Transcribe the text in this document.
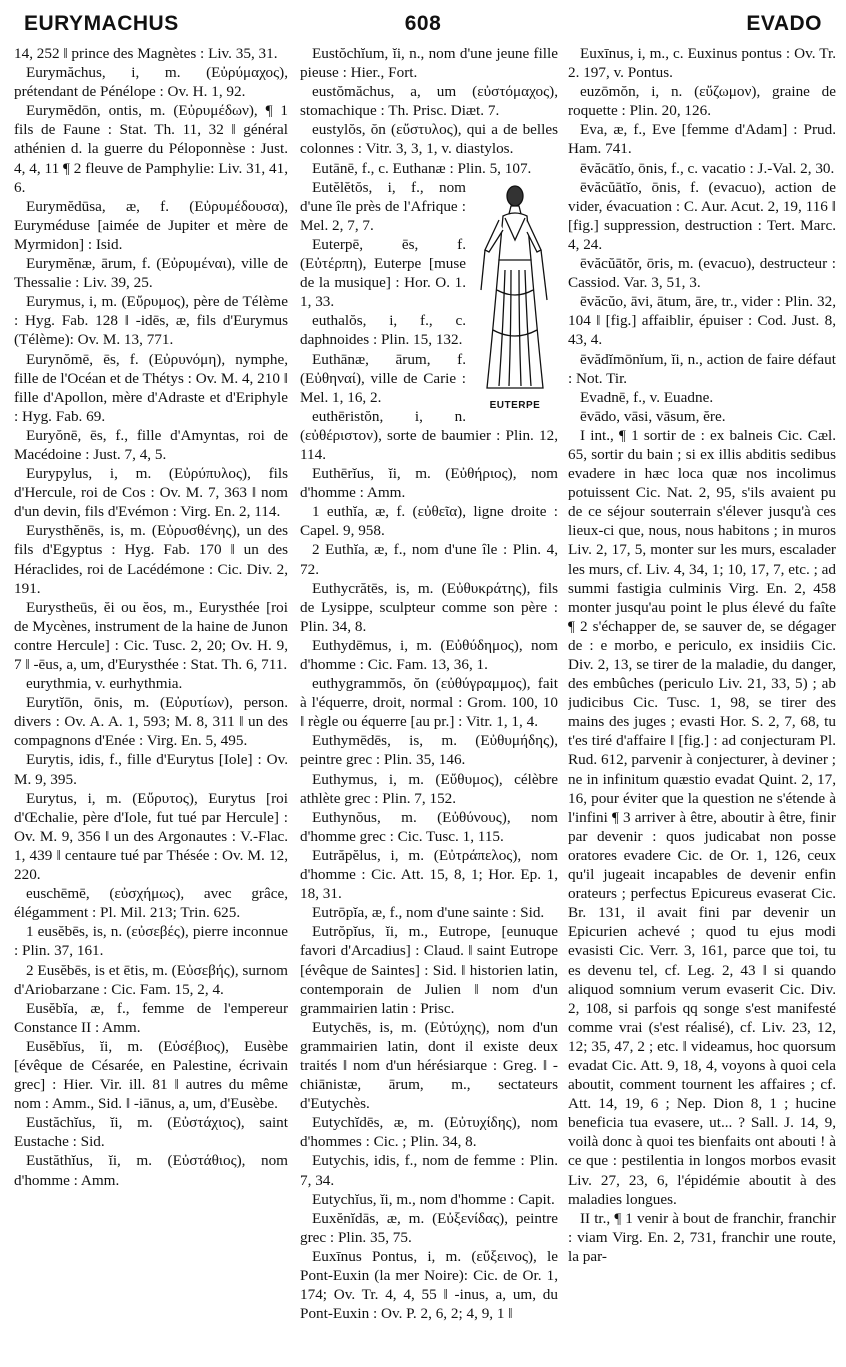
EURYMACHUS	608	EVADO

14, 252 ‖ prince des Magnètes : Liv. 35, 31.

Eurymăchus, i, m. (Εὐρύμαχος), prétendant de Pénélope : Ov. H. 1, 92.

Eurymĕdōn, ontis, m. (Εὐρυμέδων), ¶ 1 fils de Faune : Stat. Th. 11, 32 ‖ général athénien d. la guerre du Péloponnèse : Just. 4, 4, 11 ¶ 2 fleuve de Pamphylie: Liv. 31, 41, 6.

Eurymĕdūsa, æ, f. (Εὐρυμέδουσα), Euryméduse [aimée de Jupiter et mère de Myrmidon] : Isid.

Eurymĕnæ, ārum, f. (Εὐρυμέναι), ville de Thessalie : Liv. 39, 25.

Eurymus, i, m. (Εὔρυμος), père de Télème : Hyg. Fab. 128 ‖ -idēs, æ, fils d'Eurymus (Télème): Ov. M. 13, 771.

Eurynŏmē, ēs, f. (Εὐρυνόμη), nymphe, fille de l'Océan et de Thétys : Ov. M. 4, 210 ‖ fille d'Apollon, mère d'Adraste et d'Eriphyle : Hyg. Fab. 69.

Euryŏnē, ēs, f., fille d'Amyntas, roi de Macédoine : Just. 7, 4, 5.

Eurypylus, i, m. (Εὐρύπυλος), fils d'Hercule, roi de Cos : Ov. M. 7, 363 ‖ nom d'un devin, fils d'Evémon : Virg. En. 2, 114.

Eurysthĕnēs, is, m. (Εὐρυσθένης), un des fils d'Egyptus : Hyg. Fab. 170 ‖ un des Héraclides, roi de Lacédémone : Cic. Div. 2, 191.

Eurystheūs, ĕi ou ĕos, m., Eurysthée [roi de Mycènes, instrument de la haine de Junon contre Hercule] : Cic. Tusc. 2, 20; Ov. H. 9, 7 ‖ -ēus, a, um, d'Eurysthée : Stat. Th. 6, 711.

eurythmia, v. eurhythmia.

Eurytĭōn, ōnis, m. (Εὐρυτίων), person. divers : Ov. A. A. 1, 593; M. 8, 311 ‖ un des compagnons d'Enée : Virg. En. 5, 495.

Eurytis, idis, f., fille d'Eurytus [Iole] : Ov. M. 9, 395.

Eurytus, i, m. (Εὔρυτος), Eurytus [roi d'Œchalie, père d'Iole, fut tué par Hercule] : Ov. M. 9, 356 ‖ un des Argonautes : V.-Flac. 1, 439 ‖ centaure tué par Thésée : Ov. M. 12, 220.

euschēmē, (εὐσχήμως), avec grâce, élégamment : Pl. Mil. 213; Trin. 625.

1 eusĕbēs, is, n. (εὐσεβές), pierre inconnue : Plin. 37, 161.

2 Eusĕbēs, is et ētis, m. (Εὐσεβής), surnom d'Ariobarzane : Cic. Fam. 15, 2, 4.

Eusĕbĭa, æ, f., femme de l'empereur Constance II : Amm.

Eusĕbĭus, ĭi, m. (Εὐσέβιος), Eusèbe [évêque de Césarée, en Palestine, écrivain grec] : Hier. Vir. ill. 81 ‖ autres du même nom : Amm., Sid. ‖ -iānus, a, um, d'Eusèbe.

Eustăchĭus, ĭi, m. (Εὐστάχιος), saint Eustache : Sid.

Eustăthĭus, ĭi, m. (Εὐστάθιος), nom d'homme : Amm.

Eustŏchĭum, ĭi, n., nom d'une jeune fille pieuse : Hier., Fort.

eustŏmăchus, a, um (εὐστόμαχος), stomachique : Th. Prisc. Diæt. 7.

eustylŏs, ŏn (εὔστυλος), qui a de belles colonnes : Vitr. 3, 3, 1, v. diastylos.

Eutānē, f., c. Euthanæ : Plin. 5, 107.

EUTERPE

Eutĕlĕtŏs, i, f., nom d'une île près de l'Afrique : Mel. 2, 7, 7.

Euterpē, ēs, f. (Εὐτέρπη), Euterpe [muse de la musique] : Hor. O. 1. 1, 33.

euthalŏs, i, f., c. daphnoides : Plin. 15, 132.

Euthānæ, ārum, f. (Εὐθηναί), ville de Carie : Mel. 1, 16, 2.

euthēristŏn, i, n. (εὐθέριστον), sorte de baumier : Plin. 12, 114.

Euthērĭus, ĭi, m. (Εὐθήριος), nom d'homme : Amm.

1 euthĭa, æ, f. (εὐθεῖα), ligne droite : Capel. 9, 958.

2 Euthĭa, æ, f., nom d'une île : Plin. 4, 72.

Euthycrătēs, is, m. (Εὐθυκράτης), fils de Lysippe, sculpteur comme son père : Plin. 34, 8.

Euthydēmus, i, m. (Εὐθύδημος), nom d'homme : Cic. Fam. 13, 36, 1.

euthygrammŏs, ŏn (εὐθύγραμμος), fait à l'équerre, droit, normal : Grom. 100, 10 ‖ règle ou équerre [au pr.] : Vitr. 1, 1, 4.

Euthymēdēs, is, m. (Εὐθυμήδης), peintre grec : Plin. 35, 146.

Euthymus, i, m. (Εὔθυμος), célèbre athlète grec : Plin. 7, 152.

Euthynŏus, m. (Εὐθύνους), nom d'homme grec : Cic. Tusc. 1, 115.

Eutrăpĕlus, i, m. (Εὐτράπελος), nom d'homme : Cic. Att. 15, 8, 1; Hor. Ep. 1, 18, 31.

Eutrōpĭa, æ, f., nom d'une sainte : Sid.

Eutrŏpĭus, ĭi, m., Eutrope, [eunuque favori d'Arcadius] : Claud. ‖ saint Eutrope [évêque de Saintes] : Sid. ‖ historien latin, contemporain de Julien ‖ nom d'un grammairien latin : Prisc.

Eutychēs, is, m. (Εὐτύχης), nom d'un grammairien latin, dont il existe deux traités ‖ nom d'un hérésiarque : Greg. ‖ -chiānistæ, ārum, m., sectateurs d'Eutychès.

Eutychĭdēs, æ, m. (Εὐτυχίδης), nom d'hommes : Cic. ; Plin. 34, 8.

Eutychis, idis, f., nom de femme : Plin. 7, 34.

Eutychĭus, ĭi, m., nom d'homme : Capit.

Euxĕnĭdās, æ, m. (Εὐξενίδας), peintre grec : Plin. 35, 75.

Euxīnus Pontus, i, m. (εὔξεινος), le Pont-Euxin (la mer Noire): Cic. de Or. 1, 174; Ov. Tr. 4, 4, 55 ‖ -inus, a, um, du Pont-Euxin : Ov. P. 2, 6, 2; 4, 9, 1 ‖

Euxīnus, i, m., c. Euxinus pontus : Ov. Tr. 2. 197, v. Pontus.

euzōmŏn, i, n. (εὔζωμον), graine de roquette : Plin. 20, 126.

Eva, æ, f., Eve [femme d'Adam] : Prud. Ham. 741.

ēvăcātĭo, ōnis, f., c. vacatio : J.-Val. 2, 30.

ēvăcŭātĭo, ōnis, f. (evacuo), action de vider, évacuation : C. Aur. Acut. 2, 19, 116 ‖ [fig.] suppression, destruction : Tert. Marc. 4, 24.

ēvăcŭātŏr, ōris, m. (evacuo), destructeur : Cassiod. Var. 3, 51, 3.

ēvăcŭo, āvi, ātum, āre, tr., vider : Plin. 32, 104 ‖ [fig.] affaiblir, épuiser : Cod. Just. 8, 43, 4.

ēvădĭmōnĭum, ĭi, n., action de faire défaut : Not. Tir.

Evadnē, f., v. Euadne.

ēvādo, vāsi, vāsum, ĕre.

I int., ¶ 1 sortir de : ex balneis Cic. Cæl. 65, sortir du bain ; si ex illis abditis sedibus evadere in hæc loca quæ nos incolimus potuissent Cic. Nat. 2, 95, s'ils avaient pu de ce séjour souterrain s'élever jusqu'à ces lieux-ci que, nous, nous habitons ; in muros Liv. 2, 17, 5, monter sur les murs, escalader les murs, cf. Liv. 4, 34, 1; 10, 17, 7, etc. ; ad summi fastigia culminis Virg. En. 2, 458 monter jusqu'au point le plus élevé du faîte ¶ 2 s'échapper de, se sauver de, se dégager de : e morbo, e periculo, ex insidiis Cic. Div. 2, 13, se tirer de la maladie, du danger, des embûches (periculo Liv. 21, 33, 5) ; ab judicibus Cic. Tusc. 1, 98, se tirer des mains des juges ; evasti Hor. S. 2, 7, 68, tu t'es tiré d'affaire ‖ [fig.] : ad conjecturam Pl. Rud. 612, parvenir à conjecturer, à deviner ; ne in infinitum quæstio evadat Quint. 2, 17, 16, pour éviter que la question ne s'étende à l'infini ¶ 3 arriver à être, aboutir à être, finir par devenir : quos judicabat non posse oratores evadere Cic. de Or. 1, 126, ceux qu'il jugeait incapables de devenir enfin orateurs ; perfectus Epicureus evaserat Cic. Br. 131, il avait fini par devenir un Epicurien achevé ; quod tu ejus modi evasisti Cic. Verr. 3, 161, parce que toi, tu es devenu tel, cf. Leg. 2, 43 ‖ si quando aliquod somnium verum evaserit Cic. Div. 2, 108, si parfois qq songe s'est manifesté comme vrai (s'est réalisé), cf. Liv. 23, 12, 12; 35, 47, 2 ; etc. ‖ videamus, hoc quorsum evadat Cic. Att. 9, 18, 4, voyons à quoi cela aboutit, comment tournent les affaires ; cf. Att. 14, 19, 6 ; Nep. Dion 8, 1 ; hucine beneficia tua evasere, ut... ? Sall. J. 14, 9, voilà donc à quoi tes bienfaits ont abouti ! à ce que : pestilentia in longos morbos evasit Liv. 27, 23, 6, l'épidémie aboutit à des maladies longues.

II tr., ¶ 1 venir à bout de franchir, franchir : viam Virg. En. 2, 731, franchir une route, la par-
